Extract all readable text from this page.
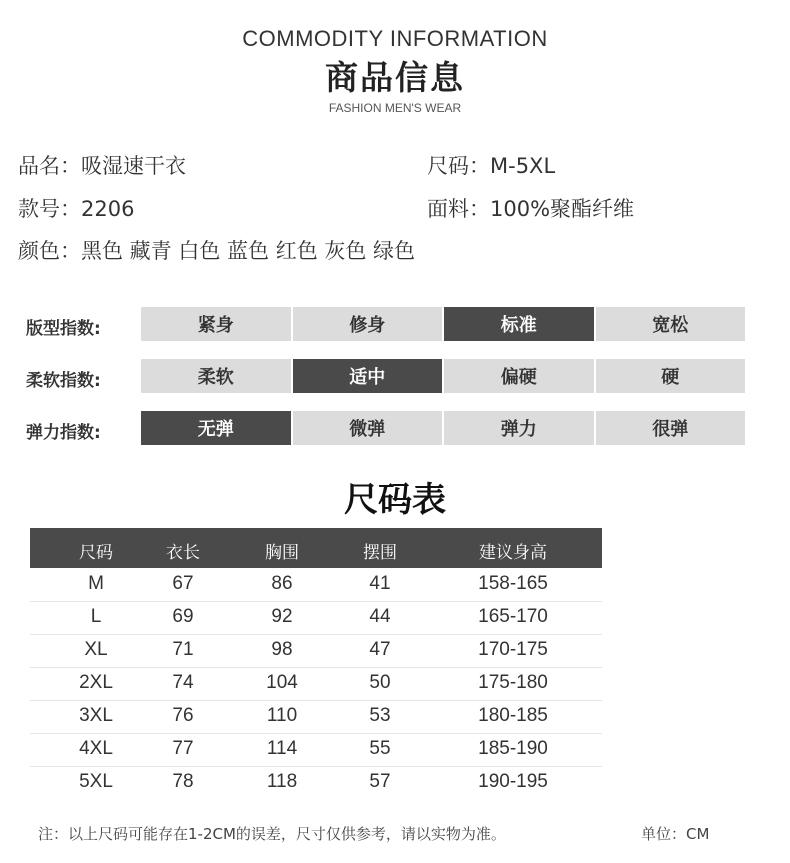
COMMODITY INFORMATION
商品信息
FASHION MEN'S WEAR
品名：吸湿速干衣	尺码：M-5XL
款号：2206	面料：100%聚酯纤维
颜色：黑色 藏青 白色 蓝色 红色 灰色 绿色
版型指数:	紧身	修身	标准	宽松
柔软指数:	柔软	适中	偏硬	硬
弹力指数:	无弹	微弹	弹力	很弹
尺码表
尺码	衣长	胸围	摆围	建议身高
M	67	86	41	158-165
L	69	92	44	165-170
XL	71	98	47	170-175
2XL	74	104	50	175-180
3XL	76	110	53	180-185
4XL	77	114	55	185-190
5XL	78	118	57	190-195
注：以上尺码可能存在1-2CM的误差，尺寸仅供参考，请以实物为准。	单位：CM
